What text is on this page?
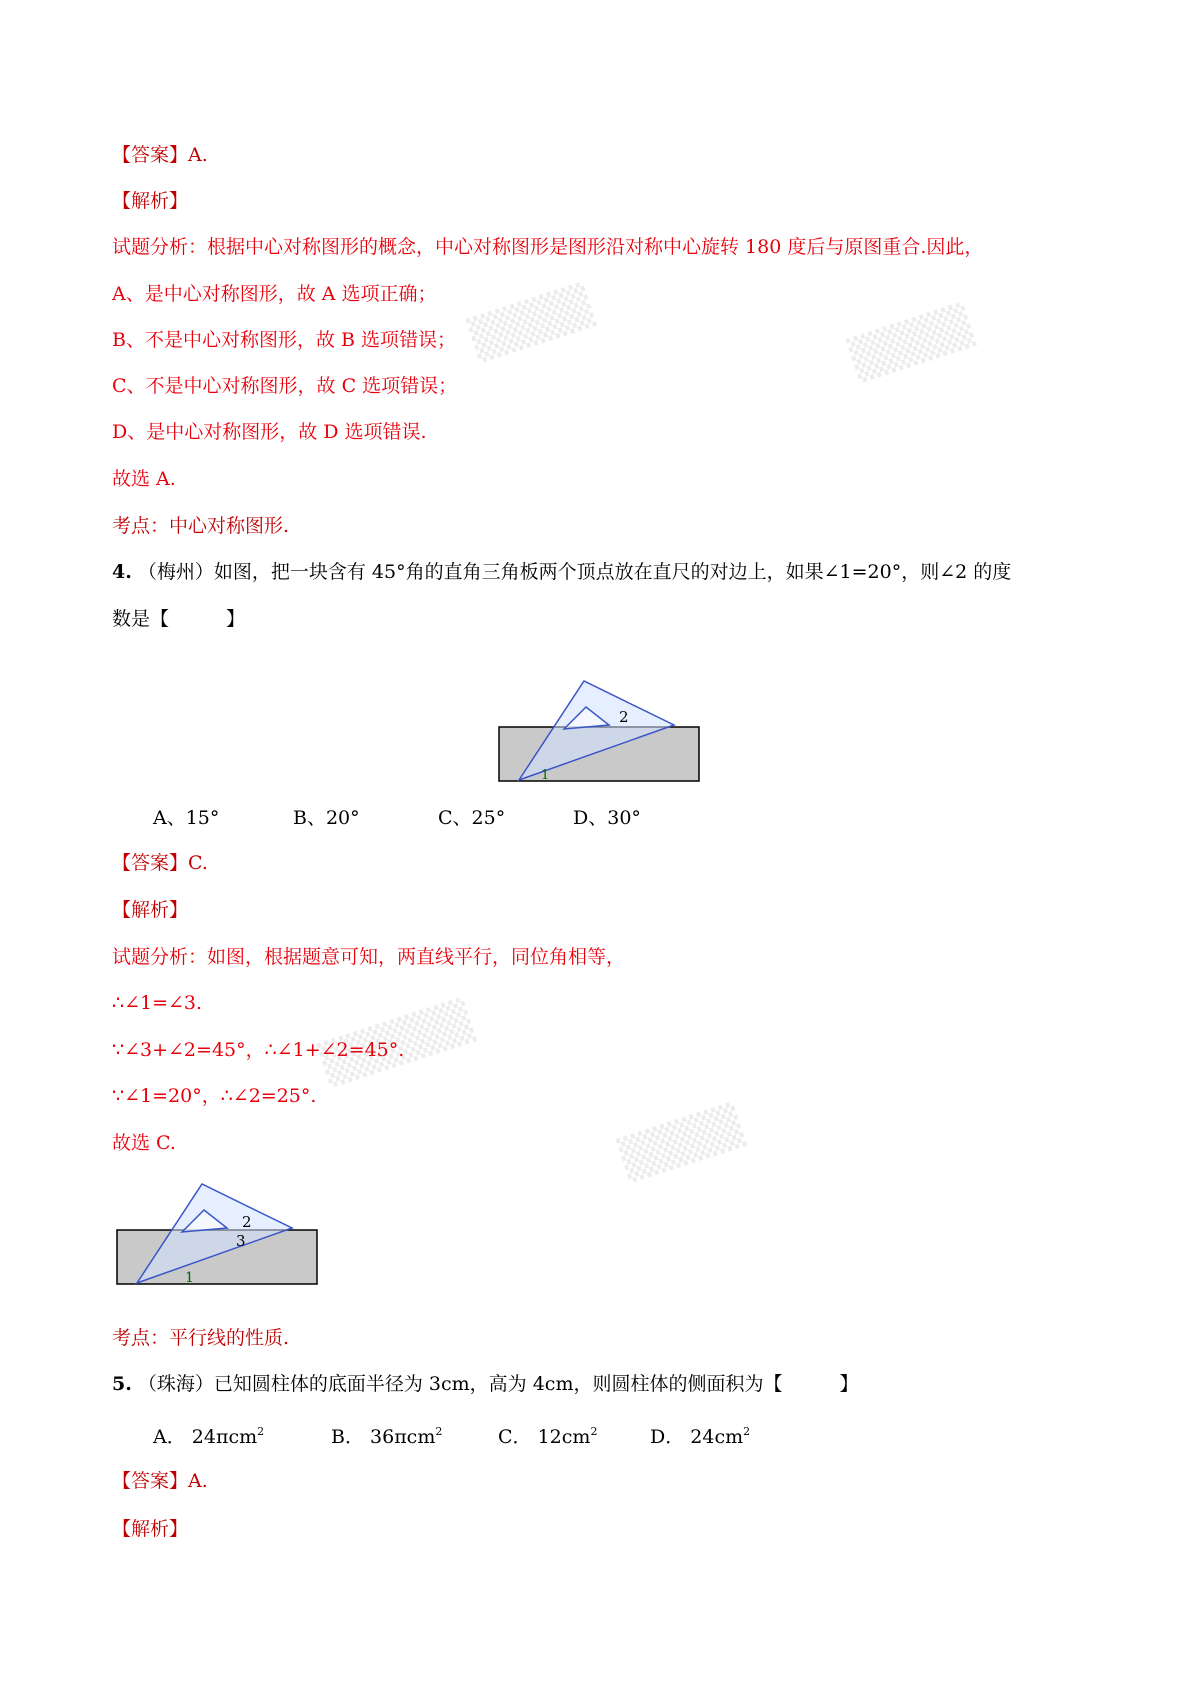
▒▒▒▒	▒▒▒▒
▒▒▒▒▒
▒▒▒▒
【答案】A.
【解析】
试题分析：根据中心对称图形的概念，中心对称图形是图形沿对称中心旋转 180 度后与原图重合.因此，
A、是中心对称图形，故 A 选项正确；
B、不是中心对称图形，故 B 选项错误；
C、不是中心对称图形，故 C 选项错误；
D、是中心对称图形，故 D 选项错误.
故选 A.
考点：中心对称图形.
4. （梅州）如图，把一块含有 45°角的直角三角板两个顶点放在直尺的对边上，如果∠1=20°，则∠2 的度
数是【　　　】
2
1
A、15°	B、20°	C、25°	D、30°
【答案】C.
【解析】
试题分析：如图，根据题意可知，两直线平行，同位角相等，
∴∠1=∠3.
∵∠3+∠2=45°，∴∠1+∠2=45°.
∵∠1=20°，∴∠2=25°.
故选 C.
2
3
1
考点：平行线的性质.
5. （珠海）已知圆柱体的底面半径为 3cm，高为 4cm，则圆柱体的侧面积为【　　　】
A． 24πcm$^2$	B． 36πcm$^2$	C． $12cm^2$	D． $24cm^2$
【答案】A.
【解析】
